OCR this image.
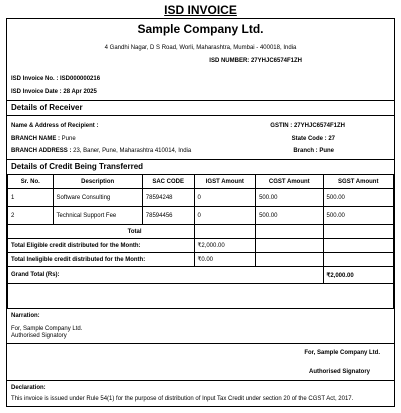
ISD INVOICE
Sample Company Ltd.
4 Gandhi Nagar, D S Road, Worli, Maharashtra, Mumbai - 400018, India
ISD NUMBER: 27YHJC6574F1ZH
ISD Invoice No. : ISD000000216
ISD Invoice Date : 28 Apr 2025
Details of Receiver
Name & Address of Recipient :	GSTIN : 27YHJC6574F1ZH
BRANCH NAME : Pune	State Code : 27
BRANCH ADDRESS : 23, Baner, Pune, Maharashtra 410014, India	Branch : Pune
Details of Credit Being Transferred
Sr. No.	Description	SAC CODE	IGST Amount	CGST Amount	SGST Amount
1	Software Consulting	78594248	0	500.00	500.00
2	Technical Support Fee	78594456	0	500.00	500.00
Total					
Total Eligible credit distributed for the Month:			₹2,000.00		
Total Ineligible credit distributed for the Month:			₹0.00		
Grand Total (Rs):					₹2,000.00

Narration:
For, Sample Company Ltd.
Authorised Signatory
For, Sample Company Ltd.
Authorised Signatory
Declaration:
This invoice is issued under Rule 54(1) for the purpose of distribution of Input Tax Credit under section 20 of the CGST Act, 2017.
